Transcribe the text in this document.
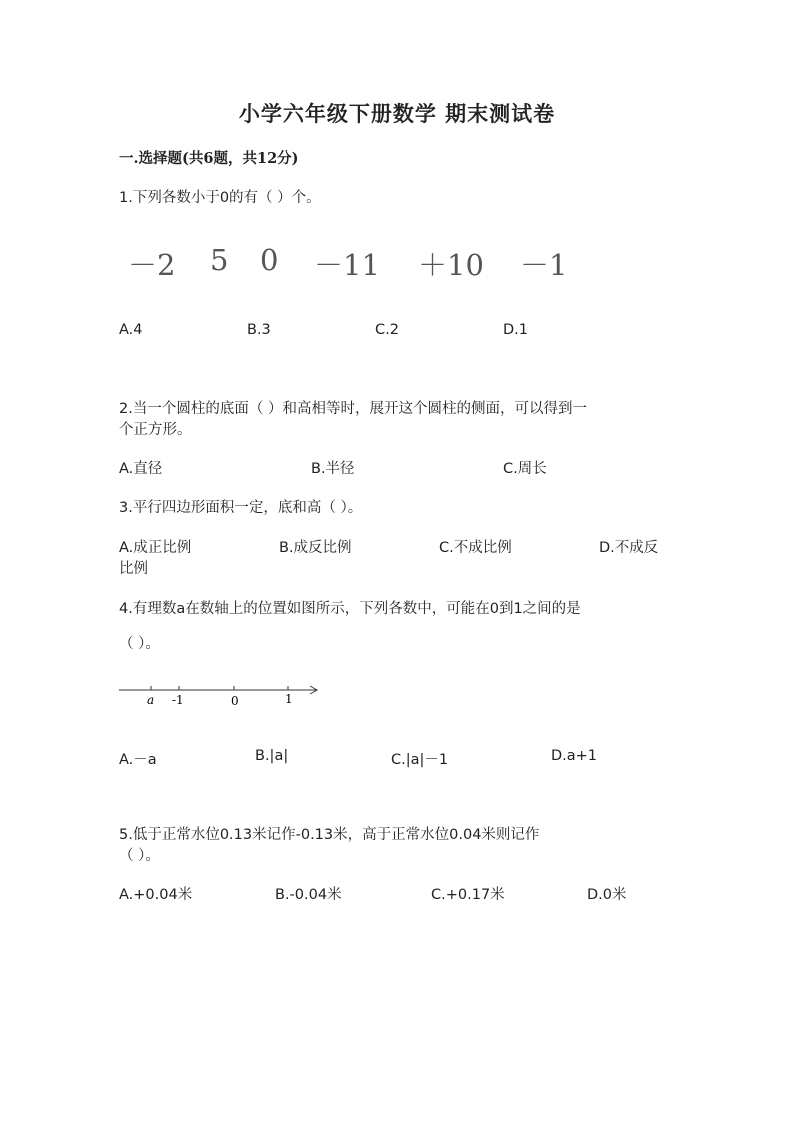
小学六年级下册数学 期末测试卷
一.选择题(共6题，共12分)
1.下列各数小于0的有（ ）个。
－2 5 0 －11 ＋10 －1
A.4	B.3	C.2	D.1
2.当一个圆柱的底面（ ）和高相等时，展开这个圆柱的侧面，可以得到一
个正方形。
A.直径	B.半径	C.周长
3.平行四边形面积一定，底和高（ ）。
A.成正比例	B.成反比例	C.不成比例	D.不成反
比例
4.有理数a在数轴上的位置如图所示，下列各数中，可能在0到1之间的是
（ ）。
a -1	0	1
A.－a	B.|a|	C.|a|－1	D.a+1
5.低于正常水位0.13米记作-0.13米，高于正常水位0.04米则记作
（ ）。
A.+0.04米	B.-0.04米	C.+0.17米	D.0米
